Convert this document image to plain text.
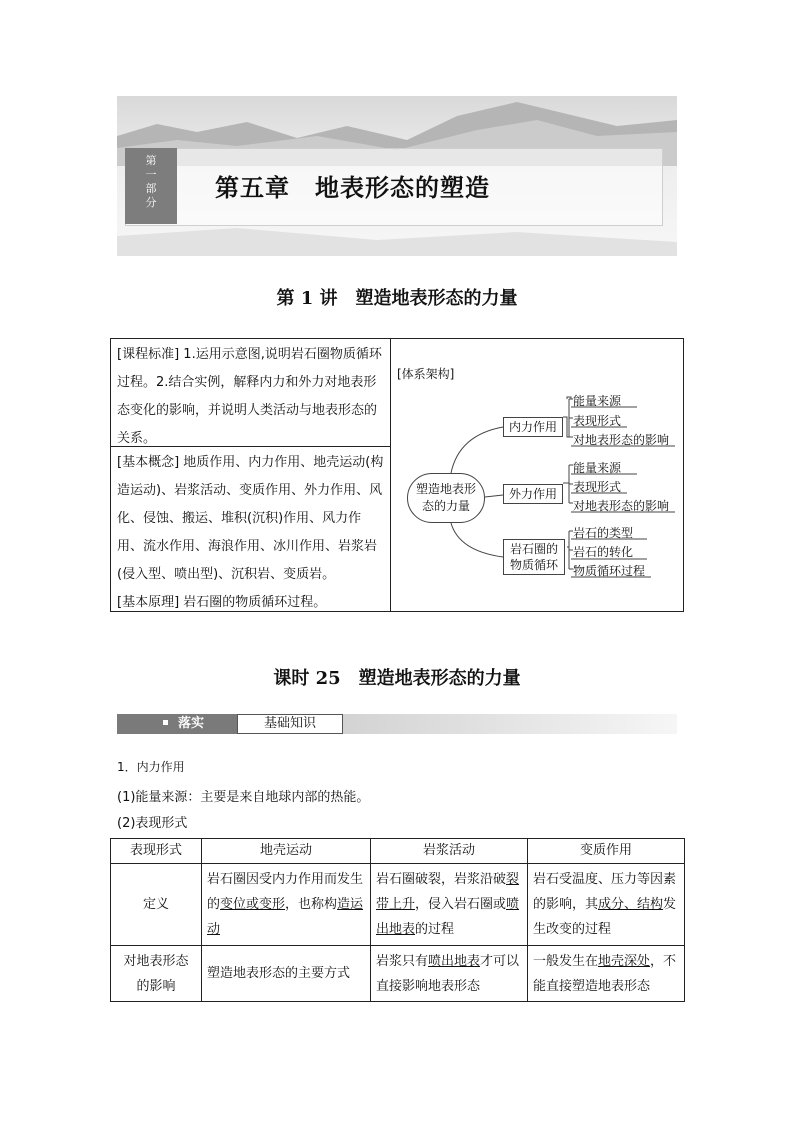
第
一
部
分
第五章　地表形态的塑造
第 1 讲　塑造地表形态的力量
[课程标准] 1.运用示意图,说明岩石圈物质循环过程。2.结合实例，解释内力和外力对地表形态变化的影响，并说明人类活动与地表形态的关系。
[基本概念] 地质作用、内力作用、地壳运动(构造运动)、岩浆活动、变质作用、外力作用、风化、侵蚀、搬运、堆积(沉积)作用、风力作用、流水作用、海浪作用、冰川作用、岩浆岩(侵入型、喷出型)、沉积岩、变质岩。
[基本原理] 岩石圈的物质循环过程。
[体系架构]
塑造地表形
态的力量
内力作用
能量来源
表现形式
对地表形态的影响
外力作用
能量来源
表现形式
对地表形态的影响
岩石圈的
物质循环
岩石的类型
岩石的转化
物质循环过程
课时 25　塑造地表形态的力量
落实	基础知识
1．内力作用
(1)能量来源：主要是来自地球内部的热能。
(2)表现形式
表现形式	地壳运动	岩浆活动	变质作用
定义	岩石圈因受内力作用而发生的变位或变形，也称构造运动	岩石圈破裂，岩浆沿破裂带上升，侵入岩石圈或喷出地表的过程	岩石受温度、压力等因素的影响，其成分、结构发生改变的过程
对地表形态
的影响	塑造地表形态的主要方式	岩浆只有喷出地表才可以直接影响地表形态	一般发生在地壳深处，不能直接塑造地表形态
